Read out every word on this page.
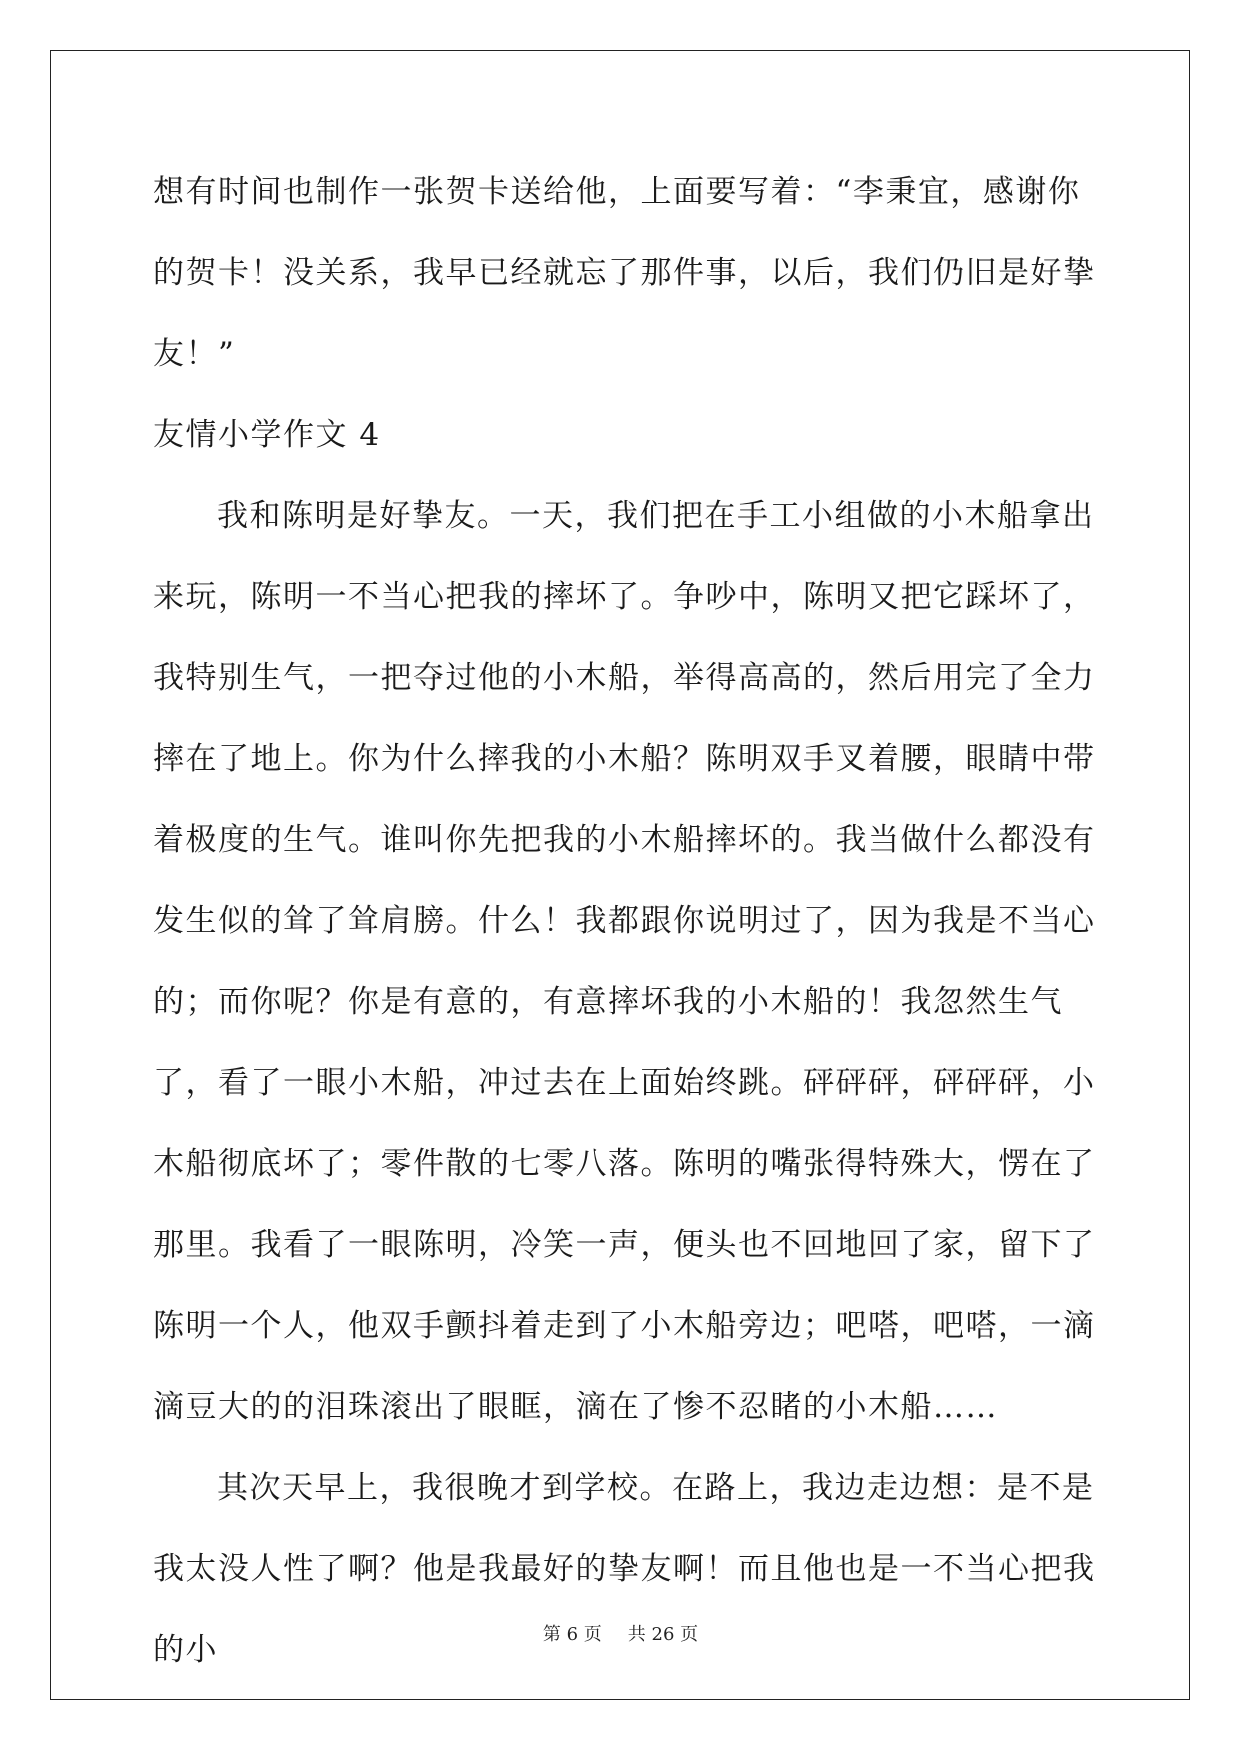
想有时间也制作一张贺卡送给他，上面要写着：“李秉宜，感谢你的贺卡！没关系，我早已经就忘了那件事，以后，我们仍旧是好挚友！”

友情小学作文 4

我和陈明是好挚友。一天，我们把在手工小组做的小木船拿出来玩，陈明一不当心把我的摔坏了。争吵中，陈明又把它踩坏了，我特别生气，一把夺过他的小木船，举得高高的，然后用完了全力摔在了地上。你为什么摔我的小木船？陈明双手叉着腰，眼睛中带着极度的生气。谁叫你先把我的小木船摔坏的。我当做什么都没有发生似的耸了耸肩膀。什么！我都跟你说明过了，因为我是不当心的；而你呢？你是有意的，有意摔坏我的小木船的！我忽然生气了，看了一眼小木船，冲过去在上面始终跳。砰砰砰，砰砰砰，小木船彻底坏了；零件散的七零八落。陈明的嘴张得特殊大，愣在了那里。我看了一眼陈明，冷笑一声，便头也不回地回了家，留下了陈明一个人，他双手颤抖着走到了小木船旁边；吧嗒，吧嗒，一滴滴豆大的的泪珠滚出了眼眶，滴在了惨不忍睹的小木船……

其次天早上，我很晚才到学校。在路上，我边走边想：是不是我太没人性了啊？他是我最好的挚友啊！而且他也是一不当心把我的小	第 6 页 共 26 页
